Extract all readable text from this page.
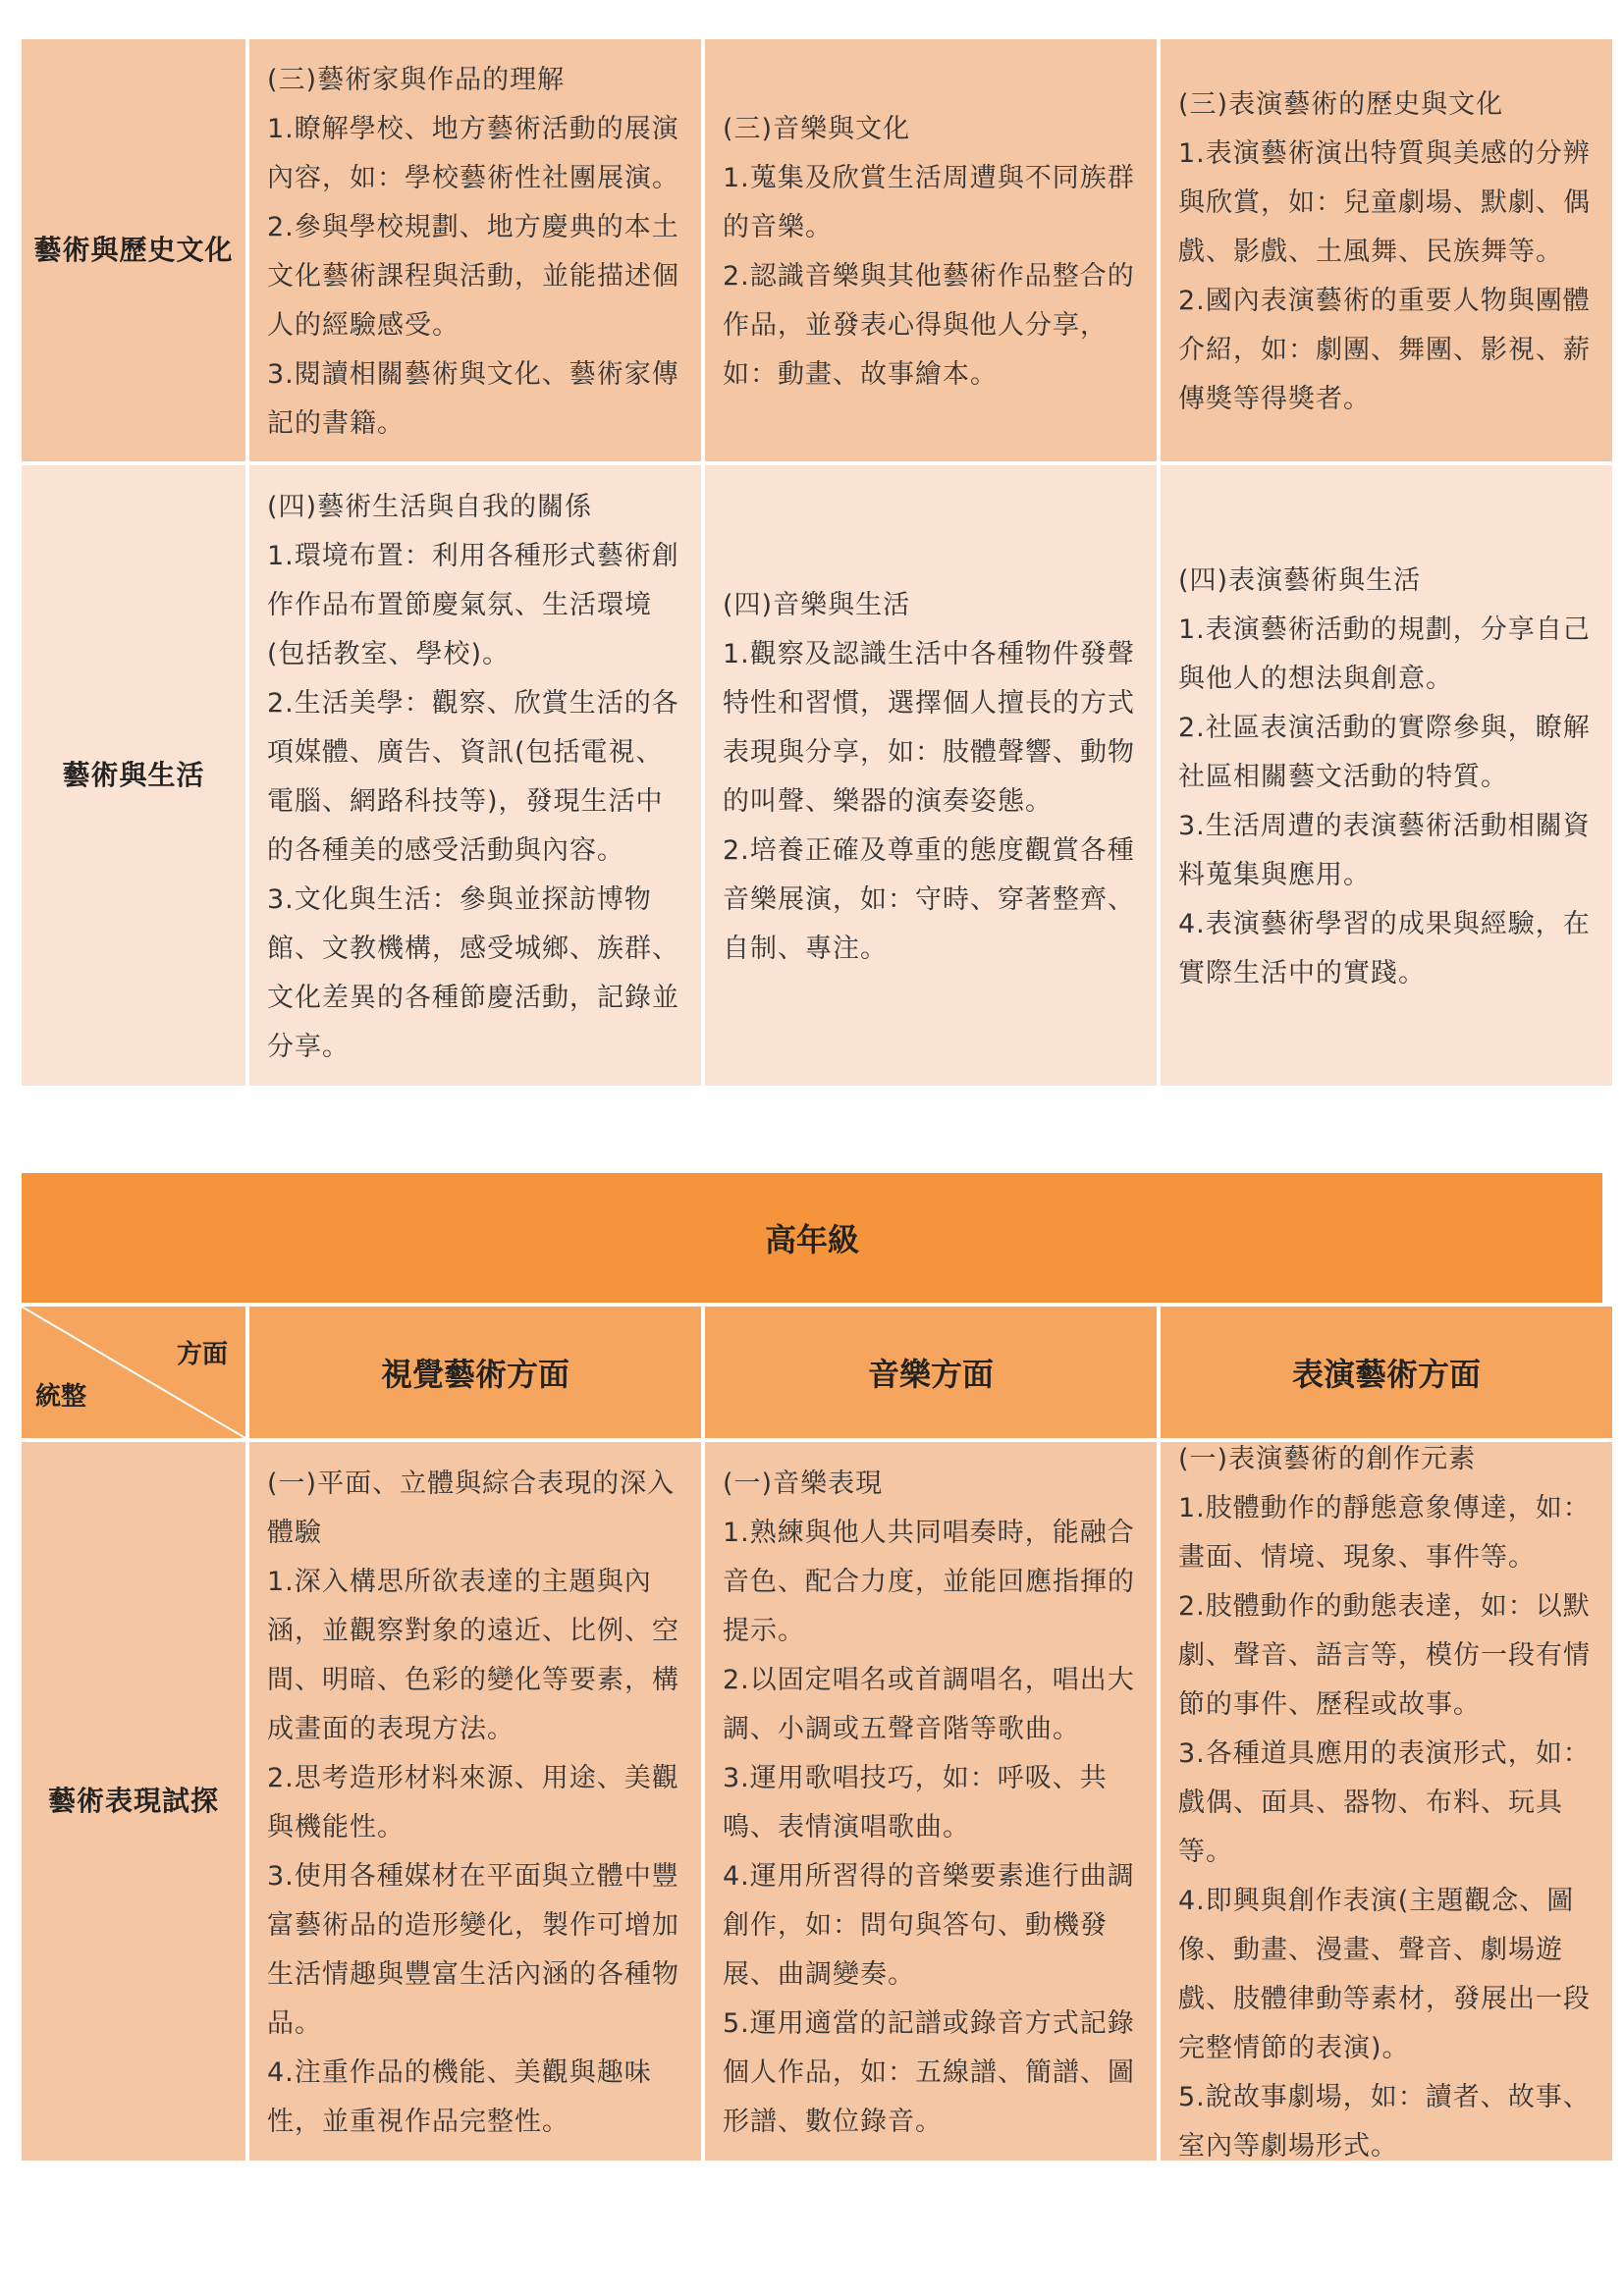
藝術與歷史文化

(三)藝術家與作品的理解

1.瞭解學校、地方藝術活動的展演內容，如：學校藝術性社團展演。

2.參與學校規劃、地方慶典的本土文化藝術課程與活動，並能描述個人的經驗感受。

3.閱讀相關藝術與文化、藝術家傳記的書籍。

(三)音樂與文化

1.蒐集及欣賞生活周遭與不同族群的音樂。

2.認識音樂與其他藝術作品整合的作品，並發表心得與他人分享，如：動畫、故事繪本。

(三)表演藝術的歷史與文化

1.表演藝術演出特質與美感的分辨與欣賞，如：兒童劇場、默劇、偶戲、影戲、土風舞、民族舞等。

2.國內表演藝術的重要人物與團體介紹，如：劇團、舞團、影視、薪傳獎等得獎者。

藝術與生活

(四)藝術生活與自我的關係

1.環境布置：利用各種形式藝術創作作品布置節慶氣氛、生活環境(包括教室、學校)。

2.生活美學：觀察、欣賞生活的各項媒體、廣告、資訊(包括電視、電腦、網路科技等)，發現生活中的各種美的感受活動與內容。

3.文化與生活：參與並探訪博物館、文教機構，感受城鄉、族群、文化差異的各種節慶活動，記錄並分享。

(四)音樂與生活

1.觀察及認識生活中各種物件發聲特性和習慣，選擇個人擅長的方式表現與分享，如：肢體聲響、動物的叫聲、樂器的演奏姿態。

2.培養正確及尊重的態度觀賞各種音樂展演，如：守時、穿著整齊、自制、專注。

(四)表演藝術與生活

1.表演藝術活動的規劃，分享自己與他人的想法與創意。

2.社區表演活動的實際參與，瞭解社區相關藝文活動的特質。

3.生活周遭的表演藝術活動相關資料蒐集與應用。

4.表演藝術學習的成果與經驗，在實際生活中的實踐。

高年級
方面
統整
視覺藝術方面	音樂方面	表演藝術方面
藝術表現試探

(一)平面、立體與綜合表現的深入體驗

1.深入構思所欲表達的主題與內涵，並觀察對象的遠近、比例、空間、明暗、色彩的變化等要素，構成畫面的表現方法。

2.思考造形材料來源、用途、美觀與機能性。

3.使用各種媒材在平面與立體中豐富藝術品的造形變化，製作可增加生活情趣與豐富生活內涵的各種物品。

4.注重作品的機能、美觀與趣味性，並重視作品完整性。

(一)音樂表現

1.熟練與他人共同唱奏時，能融合音色、配合力度，並能回應指揮的提示。

2.以固定唱名或首調唱名，唱出大調、小調或五聲音階等歌曲。

3.運用歌唱技巧，如：呼吸、共鳴、表情演唱歌曲。

4.運用所習得的音樂要素進行曲調創作，如：問句與答句、動機發展、曲調變奏。

5.運用適當的記譜或錄音方式記錄個人作品，如：五線譜、簡譜、圖形譜、數位錄音。

(一)表演藝術的創作元素

1.肢體動作的靜態意象傳達，如：畫面、情境、現象、事件等。

2.肢體動作的動態表達，如：以默劇、聲音、語言等，模仿一段有情節的事件、歷程或故事。

3.各種道具應用的表演形式，如：戲偶、面具、器物、布料、玩具等。

4.即興與創作表演(主題觀念、圖像、動畫、漫畫、聲音、劇場遊戲、肢體律動等素材，發展出一段完整情節的表演)。

5.說故事劇場，如：讀者、故事、室內等劇場形式。
